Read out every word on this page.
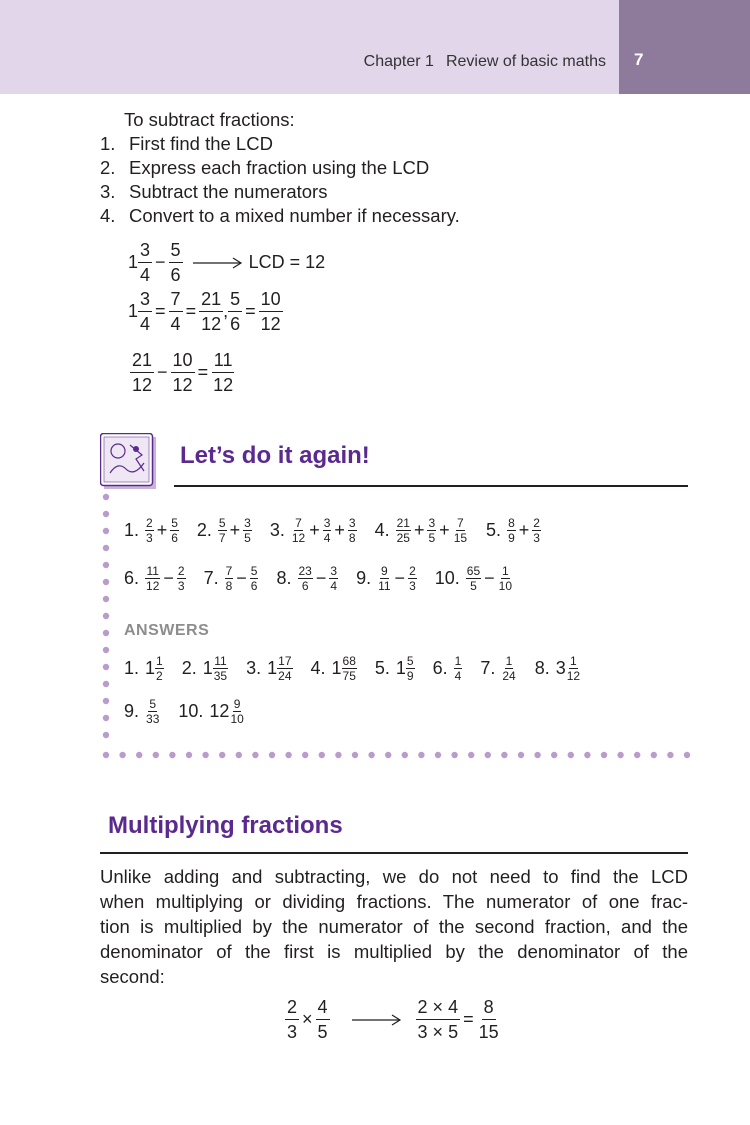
Chapter 1 Review of basic maths 7
To subtract fractions:
1. First find the LCD
2. Express each fraction using the LCD
3. Subtract the numerators
4. Convert to a mixed number if necessary.
$1 \frac{3}{4} - \frac{5}{6}$	LCD = 12
$1 \frac{3}{4} = \frac{7}{4} = \frac{21}{12}$ , $\frac{5}{6} = \frac{10}{12}$
$\frac{21}{12} - \frac{10}{12} = \frac{11}{12}$
Let’s do it again!
1. $\frac{2}{3} + \frac{5}{6} 2$. $\frac{5}{7} + \frac{3}{5} 3$. $\frac{7}{12} + \frac{3}{4} + \frac{3}{8} 4$. $\frac{21}{25} + \frac{3}{5} + \frac{7}{15} 5$. $\frac{8}{9} + \frac{2}{3}$
6. $\frac{11}{12} - \frac{2}{3} 7$. $\frac{7}{8} - \frac{5}{6} 8$. $\frac{23}{6} - \frac{3}{4} 9$. $\frac{9}{11} - \frac{2}{3} 10$. $\frac{65}{5} - \frac{1}{10}$
ANSWERS
1. $1 \frac{1}{2} 2$. $1 \frac{11}{35} 3$. $1 \frac{17}{24} 4$. $1 \frac{68}{75} 5$. $1 \frac{5}{9} 6$. $\frac{1}{4} 7$. $\frac{1}{24} 8$. $3 \frac{1}{12}$
9. $\frac{5}{33} 10$. $12 \frac{9}{10}$
Multiplying fractions
Unlike adding and subtracting, we do not need to find the LCD
when multiplying or dividing fractions. The numerator of one frac-
tion is multiplied by the numerator of the second fraction, and the
denominator of the first is multiplied by the denominator of the
second:
$\frac{2}{3} \times \frac{4}{5}$	$\frac{2 \times 4}{3 \times 5} = \frac{8}{15}$
